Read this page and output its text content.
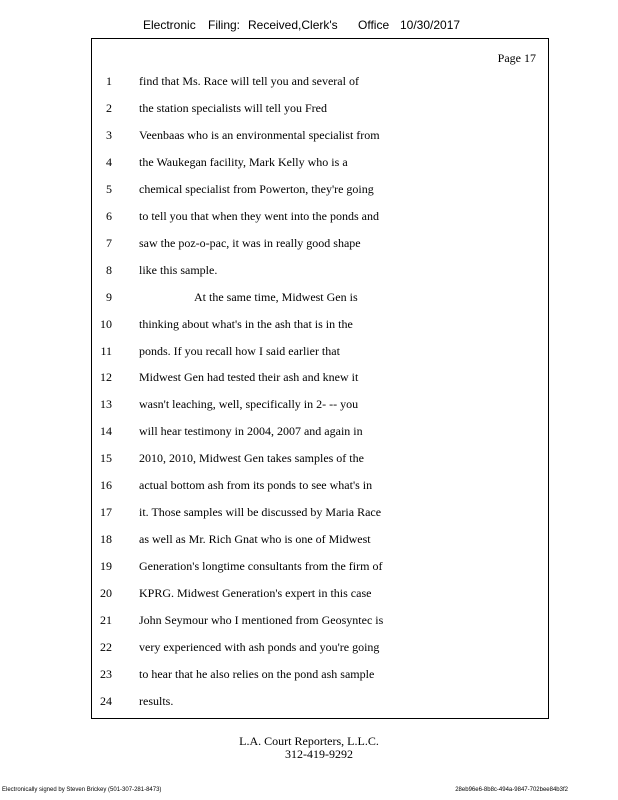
Electronic Filing: Received,Clerk's Office 10/30/2017
Page 17
1 find that Ms. Race will tell you and several of
2 the station specialists will tell you Fred
3 Veenbaas who is an environmental specialist from
4 the Waukegan facility, Mark Kelly who is a
5 chemical specialist from Powerton, they're going
6 to tell you that when they went into the ponds and
7 saw the poz-o-pac, it was in really good shape
8 like this sample.
9	At the same time, Midwest Gen is
10 thinking about what's in the ash that is in the
11 ponds. If you recall how I said earlier that
12 Midwest Gen had tested their ash and knew it
13 wasn't leaching, well, specifically in 2- -- you
14 will hear testimony in 2004, 2007 and again in
15 2010, 2010, Midwest Gen takes samples of the
16 actual bottom ash from its ponds to see what's in
17 it. Those samples will be discussed by Maria Race
18 as well as Mr. Rich Gnat who is one of Midwest
19 Generation's longtime consultants from the firm of
20 KPRG. Midwest Generation's expert in this case
21 John Seymour who I mentioned from Geosyntec is
22 very experienced with ash ponds and you're going
23 to hear that he also relies on the pond ash sample
24 results.
L.A. Court Reporters, L.L.C.
312-419-9292
Electronically signed by Steven Brickey (501-307-281-8473)	28eb96e6-8b8c-494a-9847-702bee84b3f2
